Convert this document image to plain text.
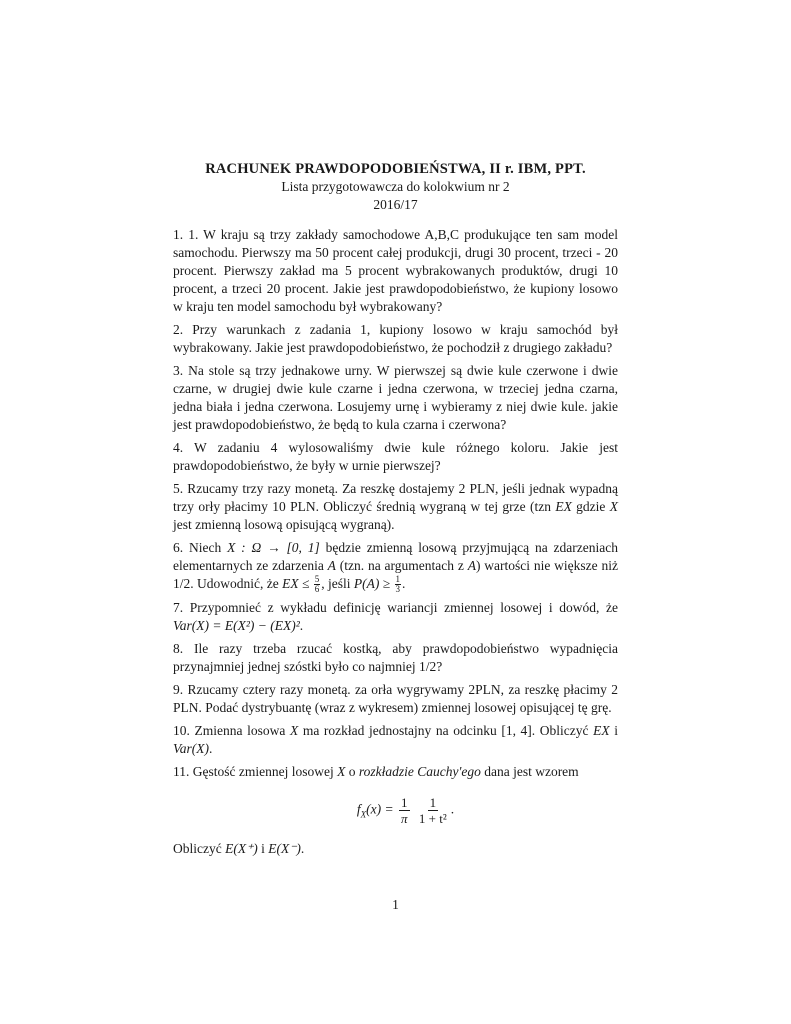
RACHUNEK PRAWDOPODOBIEŃSTWA, II r. IBM, PPT.

Lista przygotowawcza do kolokwium nr 2

2016/17

1. 1. W kraju są trzy zakłady samochodowe A,B,C produkujące ten sam model samochodu. Pierwszy ma 50 procent całej produkcji, drugi 30 procent, trzeci - 20 procent. Pierwszy zakład ma 5 procent wybrakowanych produktów, drugi 10 procent, a trzeci 20 procent. Jakie jest prawdopodobieństwo, że kupiony losowo w kraju ten model samochodu był wybrakowany?

2. Przy warunkach z zadania 1, kupiony losowo w kraju samochód był wybrakowany. Jakie jest prawdopodobieństwo, że pochodził z drugiego zakładu?

3. Na stole są trzy jednakowe urny. W pierwszej są dwie kule czerwone i dwie czarne, w drugiej dwie kule czarne i jedna czerwona, w trzeciej jedna czarna, jedna biała i jedna czerwona. Losujemy urnę i wybieramy z niej dwie kule. jakie jest prawdopodobieństwo, że będą to kula czarna i czerwona?

4. W zadaniu 4 wylosowaliśmy dwie kule różnego koloru. Jakie jest prawdopodobieństwo, że były w urnie pierwszej?

5. Rzucamy trzy razy monetą. Za reszkę dostajemy 2 PLN, jeśli jednak wypadną trzy orły płacimy 10 PLN. Obliczyć średnią wygraną w tej grze (tzn EX gdzie X jest zmienną losową opisującą wygraną).

6. Niech X : Ω → [0, 1] będzie zmienną losową przyjmującą na zdarzeniach elementarnych ze zdarzenia A (tzn. na argumentach z A) wartości nie większe niż 1/2. Udowodnić, że EX ≤ $\frac{5}{6}$ , jeśli $P(A) \ge \frac{1}{3}$ .

7. Przypomnieć z wykładu definicję wariancji zmiennej losowej i dowód, że Var(X) = E(X²) − (EX)².

8. Ile razy trzeba rzucać kostką, aby prawdopodobieństwo wypadnięcia przynajmniej jednej szóstki było co najmniej 1/2?

9. Rzucamy cztery razy monetą. za orła wygrywamy 2PLN, za reszkę płacimy 2 PLN. Podać dystrybuantę (wraz z wykresem) zmiennej losowej opisującej tę grę.

10. Zmienna losowa X ma rozkład jednostajny na odcinku [1, 4]. Obliczyć EX i Var(X).

11. Gęstość zmiennej losowej X o rozkładzie Cauchy'ego dana jest wzorem

$f_X(x) = \frac{1}{\pi}$
$\frac{1}{\text{1 + t²}}$ .

Obliczyć E(X⁺) i E(X⁻).

1
